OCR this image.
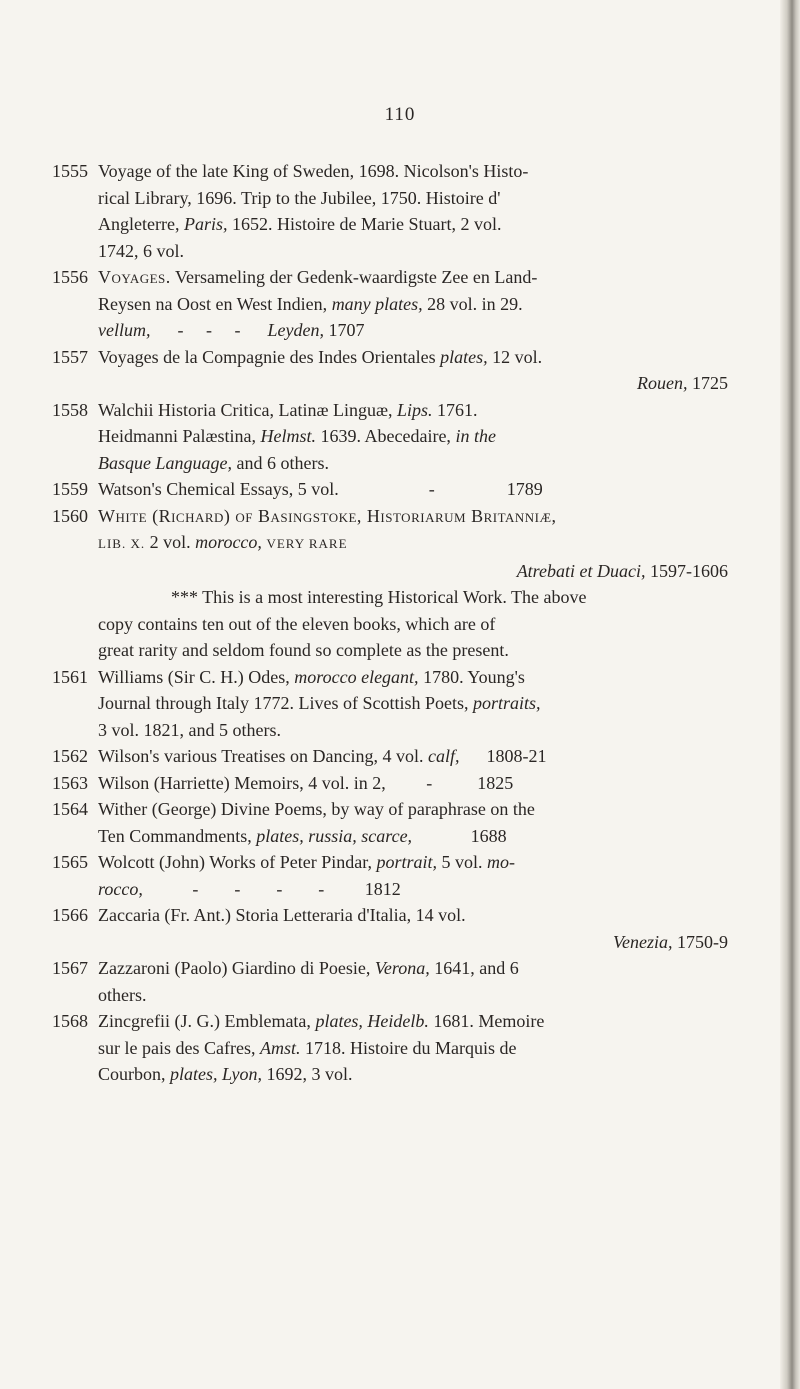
110
1555 Voyage of the late King of Sweden, 1698. Nicolson's Histo-
rical Library, 1696. Trip to the Jubilee, 1750. Histoire d'
Angleterre, Paris, 1652. Histoire de Marie Stuart, 2 vol.
1742, 6 vol.
1556 Voyages. Versameling der Gedenk-waardigste Zee en Land-
Reysen na Oost en West Indien, many plates, 28 vol. in 29.
vellum,      -     -     -      Leyden, 1707
1557 Voyages de la Compagnie des Indes Orientales plates, 12 vol.
Rouen, 1725
1558 Walchii Historia Critica, Latinæ Linguæ, Lips. 1761.
Heidmanni Palæstina, Helmst. 1639. Abecedaire, in the
Basque Language, and 6 others.
1559 Watson's Chemical Essays, 5 vol.                    -                1789
1560 White (Richard) of Basingstoke, Historiarum Britanniæ,
LIB. X. 2 vol. morocco, VERY RARE
Atrebati et Duaci, 1597-1606
*** This is a most interesting Historical Work. The above
copy contains ten out of the eleven books, which are of
great rarity and seldom found so complete as the present.
1561 Williams (Sir C. H.) Odes, morocco elegant, 1780. Young's
Journal through Italy 1772. Lives of Scottish Poets, portraits,
3 vol. 1821, and 5 others.
1562 Wilson's various Treatises on Dancing, 4 vol. calf,      1808-21
1563 Wilson (Harriette) Memoirs, 4 vol. in 2,         -          1825
1564 Wither (George) Divine Poems, by way of paraphrase on the
Ten Commandments, plates, russia, scarce,             1688
1565 Wolcott (John) Works of Peter Pindar, portrait, 5 vol. mo-
rocco,           -        -        -        -         1812
1566 Zaccaria (Fr. Ant.) Storia Letteraria d'Italia, 14 vol.
Venezia, 1750-9
1567 Zazzaroni (Paolo) Giardino di Poesie, Verona, 1641, and 6
others.
1568 Zincgrefii (J. G.) Emblemata, plates, Heidelb. 1681. Memoire
sur le pais des Cafres, Amst. 1718. Histoire du Marquis de
Courbon, plates, Lyon, 1692, 3 vol.
